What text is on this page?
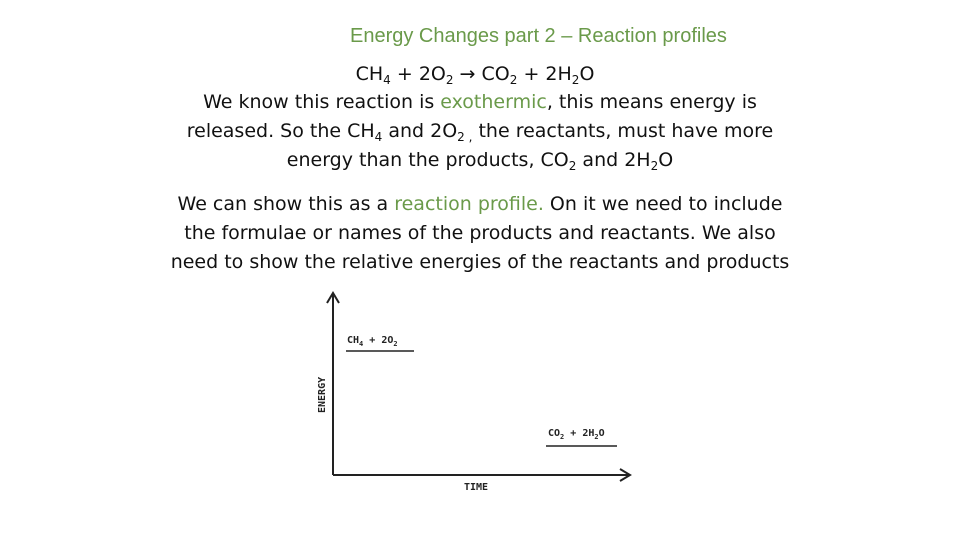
Energy Changes part 2 – Reaction profiles
$CH_4 + 2O_2 \to CO_2 + 2H_2O$
We know this reaction is exothermic, this means energy is
released. So the $CH_4$ and $2O_{2 ,}$ the reactants, must have more
energy than the products, $CO_2$ and $2H_2O$
We can show this as a reaction profile. On it we need to include
the formulae or names of the products and reactants. We also
need to show the relative energies of the reactants and products
ENERGY
TIME
$CH_4 + 2O_2$
$CO_2 + 2H_2O$
